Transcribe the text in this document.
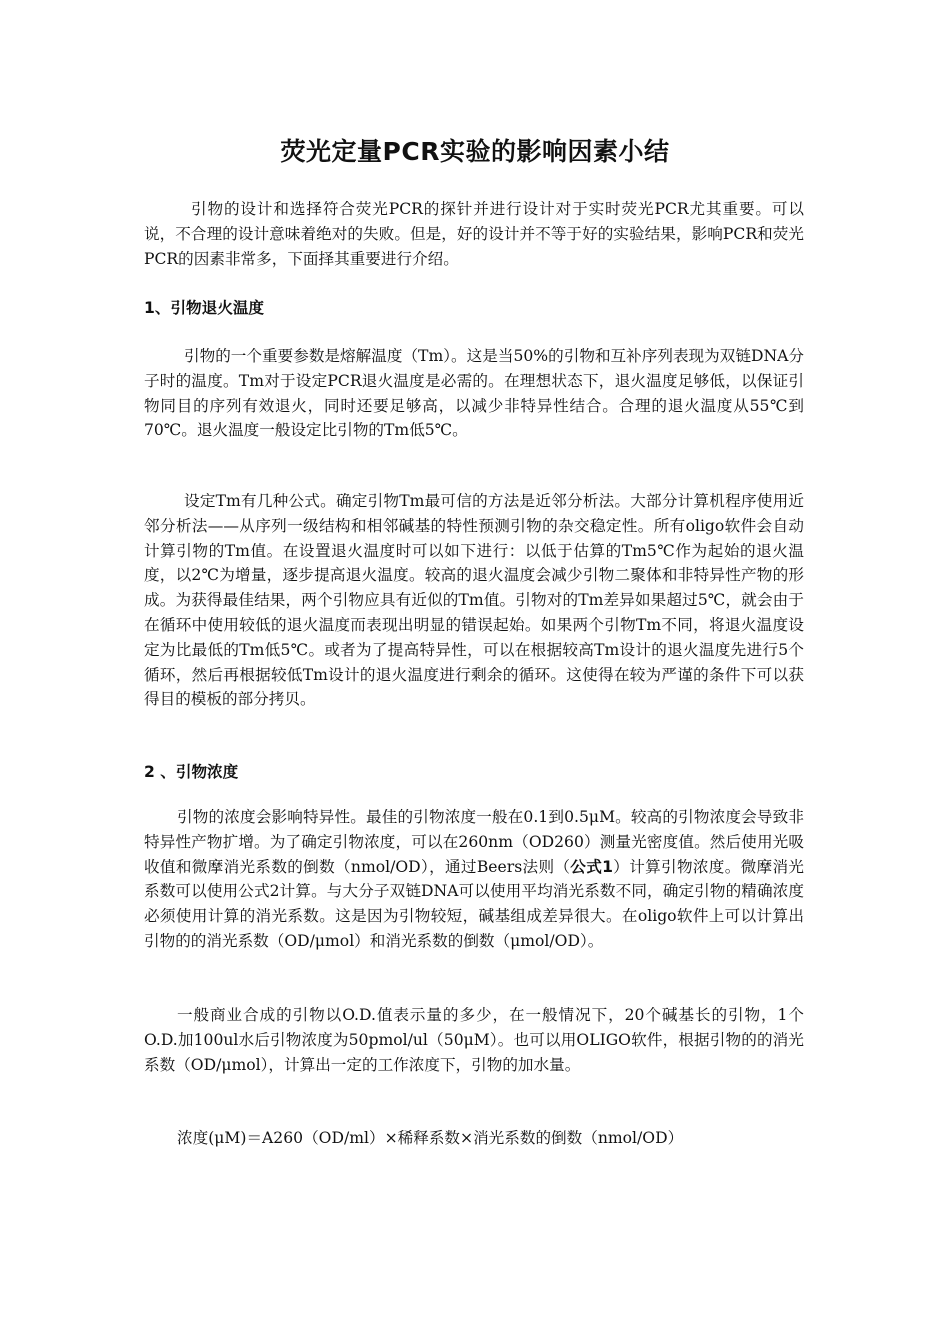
荧光定量PCR实验的影响因素小结

引物的设计和选择符合荧光PCR的探针并进行设计对于实时荧光PCR尤其重要。可以说，不合理的设计意味着绝对的失败。但是，好的设计并不等于好的实验结果，影响PCR和荧光PCR的因素非常多，下面择其重要进行介绍。

1、引物退火温度

引物的一个重要参数是熔解温度（Tm）。这是当50%的引物和互补序列表现为双链DNA分子时的温度。Tm对于设定PCR退火温度是必需的。在理想状态下，退火温度足够低，以保证引物同目的序列有效退火，同时还要足够高，以减少非特异性结合。合理的退火温度从55℃到70℃。退火温度一般设定比引物的Tm低5℃。

设定Tm有几种公式。确定引物Tm最可信的方法是近邻分析法。大部分计算机程序使用近邻分析法——从序列一级结构和相邻碱基的特性预测引物的杂交稳定性。所有oligo软件会自动计算引物的Tm值。在设置退火温度时可以如下进行：以低于估算的Tm5℃作为起始的退火温度，以2℃为增量，逐步提高退火温度。较高的退火温度会减少引物二聚体和非特异性产物的形成。为获得最佳结果，两个引物应具有近似的Tm值。引物对的Tm差异如果超过5℃，就会由于在循环中使用较低的退火温度而表现出明显的错误起始。如果两个引物Tm不同，将退火温度设定为比最低的Tm低5℃。或者为了提高特异性，可以在根据较高Tm设计的退火温度先进行5个循环，然后再根据较低Tm设计的退火温度进行剩余的循环。这使得在较为严谨的条件下可以获得目的模板的部分拷贝。

2 、引物浓度

引物的浓度会影响特异性。最佳的引物浓度一般在0.1到0.5μM。较高的引物浓度会导致非特异性产物扩增。为了确定引物浓度，可以在260nm（OD260）测量光密度值。然后使用光吸收值和微摩消光系数的倒数（nmol/OD），通过Beers法则（公式1）计算引物浓度。微摩消光系数可以使用公式2计算。与大分子双链DNA可以使用平均消光系数不同，确定引物的精确浓度必须使用计算的消光系数。这是因为引物较短，碱基组成差异很大。在oligo软件上可以计算出引物的的消光系数（OD/μmol）和消光系数的倒数（μmol/OD）。

一般商业合成的引物以O.D.值表示量的多少，在一般情况下，20个碱基长的引物，1个O.D.加100ul水后引物浓度为50pmol/ul（50μM）。也可以用OLIGO软件，根据引物的的消光系数（OD/μmol），计算出一定的工作浓度下，引物的加水量。

浓度(μM)＝A260（OD/ml）×稀释系数×消光系数的倒数（nmol/OD）
